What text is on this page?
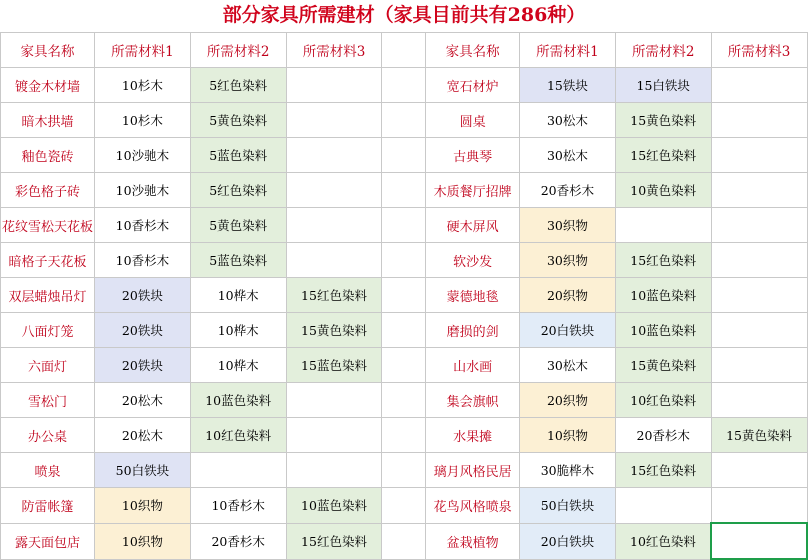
部分家具所需建材（家具目前共有286种）
家具名称	所需材料1	所需材料2	所需材料3		家具名称	所需材料1	所需材料2	所需材料3
镀金木材墙	10杉木	5红色染料			宽石材炉	15铁块	15白铁块	
暗木拱墙	10杉木	5黄色染料			圆桌	30松木	15黄色染料	
釉色瓷砖	10沙驰木	5蓝色染料			古典琴	30松木	15红色染料	
彩色格子砖	10沙驰木	5红色染料			木质餐厅招牌	20香杉木	10黄色染料	
花纹雪松天花板	10香杉木	5黄色染料			硬木屏风	30织物		
暗格子天花板	10香杉木	5蓝色染料			软沙发	30织物	15红色染料	
双层蜡烛吊灯	20铁块	10桦木	15红色染料		蒙德地毯	20织物	10蓝色染料	
八面灯笼	20铁块	10桦木	15黄色染料		磨损的剑	20白铁块	10蓝色染料	
六面灯	20铁块	10桦木	15蓝色染料		山水画	30松木	15黄色染料	
雪松门	20松木	10蓝色染料			集会旗帜	20织物	10红色染料	
办公桌	20松木	10红色染料			水果摊	10织物	20香杉木	15黄色染料
喷泉	50白铁块				璃月风格民居	30脆桦木	15红色染料	
防雷帐篷	10织物	10香杉木	10蓝色染料		花鸟风格喷泉	50白铁块		
露天面包店	10织物	20香杉木	15红色染料		盆栽植物	20白铁块	10红色染料	
